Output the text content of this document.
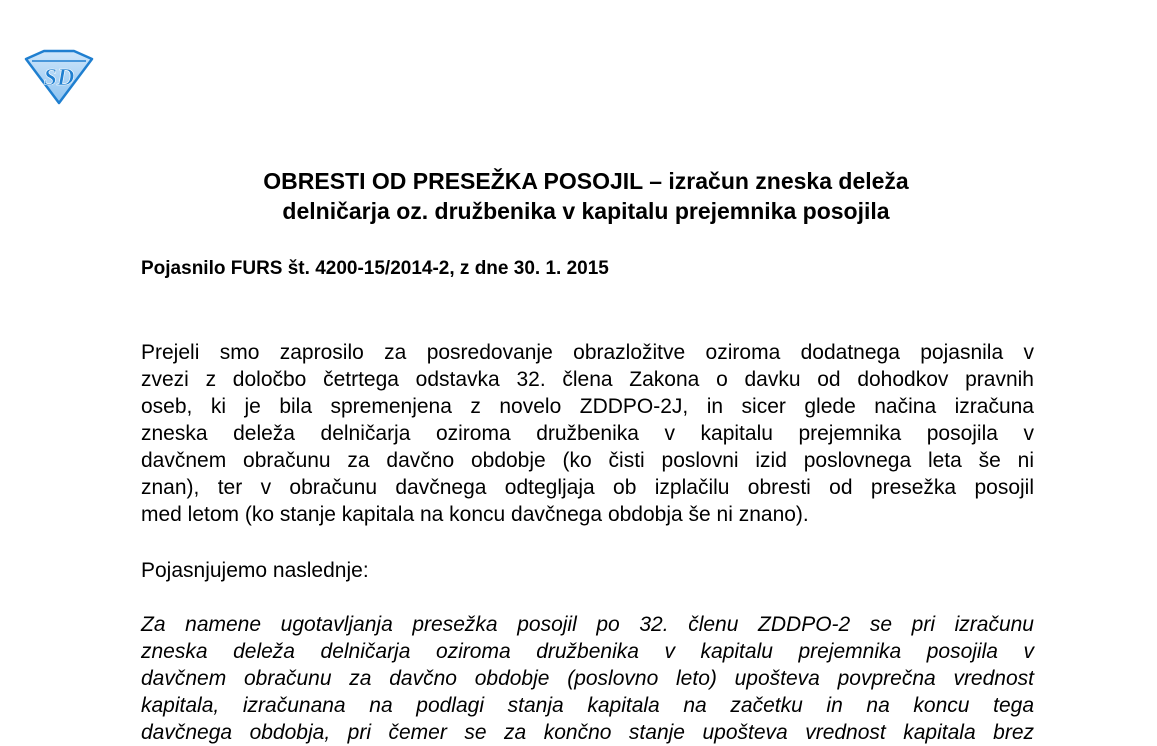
SD
OBRESTI OD PRESEŽKA POSOJIL – izračun zneska deleža
delničarja oz. družbenika v kapitalu prejemnika posojila

Pojasnilo FURS št. 4200-15/2014-2, z dne 30. 1. 2015

Prejeli smo zaprosilo za posredovanje obrazložitve oziroma dodatnega pojasnila v
zvezi z določbo četrtega odstavka 32. člena Zakona o davku od dohodkov pravnih
oseb, ki je bila spremenjena z novelo ZDDPO-2J, in sicer glede načina izračuna
zneska deleža delničarja oziroma družbenika v kapitalu prejemnika posojila v
davčnem obračunu za davčno obdobje (ko čisti poslovni izid poslovnega leta še ni
znan), ter v obračunu davčnega odtegljaja ob izplačilu obresti od presežka posojil
med letom (ko stanje kapitala na koncu davčnega obdobja še ni znano).

Pojasnjujemo naslednje:

Za namene ugotavljanja presežka posojil po 32. členu ZDDPO-2 se pri izračunu
zneska deleža delničarja oziroma družbenika v kapitalu prejemnika posojila v
davčnem obračunu za davčno obdobje (poslovno leto) upošteva povprečna vrednost
kapitala, izračunana na podlagi stanja kapitala na začetku in na koncu tega
davčnega obdobja, pri čemer se za končno stanje upošteva vrednost kapitala brez
